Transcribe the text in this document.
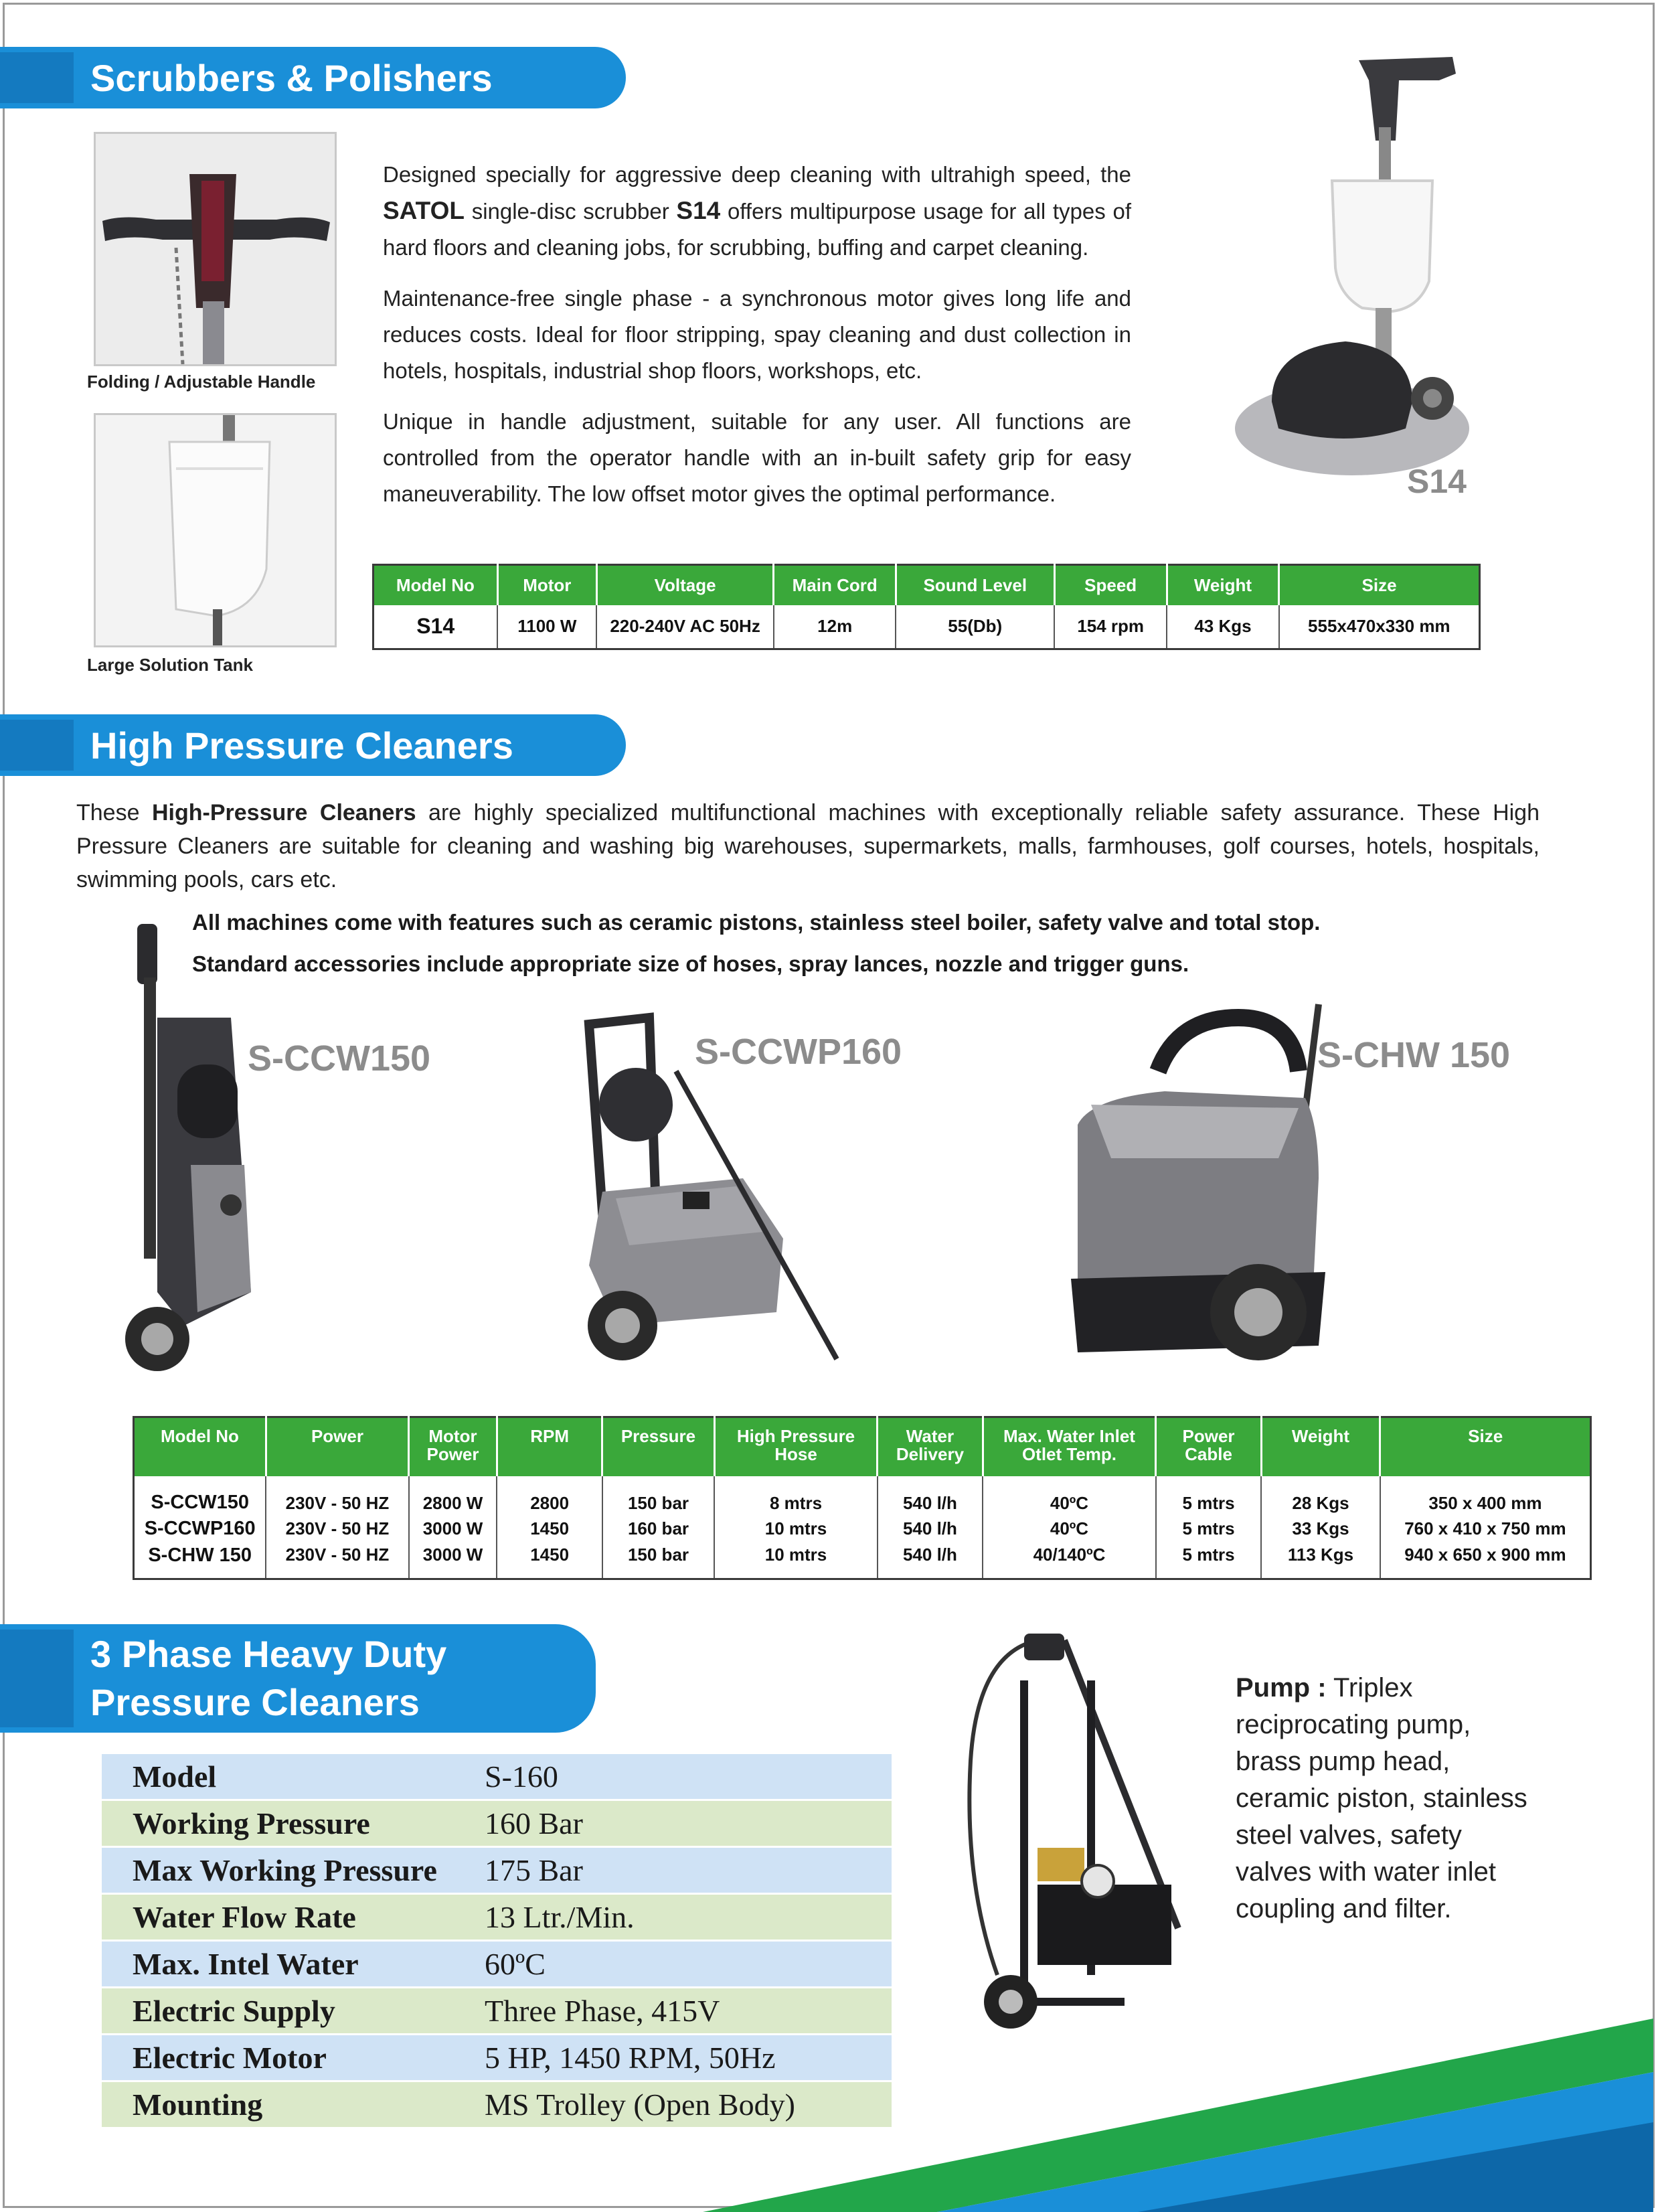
Scrubbers & Polishers
Folding / Adjustable Handle
Large Solution Tank

Designed specially for aggressive deep cleaning with ultrahigh speed, the SATOL single-disc scrubber S14 offers multipurpose usage for all types of hard floors and cleaning jobs, for scrubbing, buffing and carpet cleaning.

Maintenance-free single phase - a synchronous motor gives long life and reduces costs. Ideal for floor stripping, spay cleaning and dust collection in hotels, hospitals, industrial shop floors, workshops, etc.

Unique in handle adjustment, suitable for any user. All functions are controlled from the operator handle with an in-built safety grip for easy maneuverability. The low offset motor gives the optimal performance.	S14
Model No	Motor	Voltage	Main Cord	Sound Level	Speed	Weight	Size
S14	1100 W	220-240V AC 50Hz	12m	55(Db)	154 rpm	43 Kgs	555x470x330 mm
High Pressure Cleaners
These High-Pressure Cleaners are highly specialized multifunctional machines with exceptionally reliable safety assurance. These High Pressure Cleaners are suitable for cleaning and washing big warehouses, supermarkets, malls, farmhouses, golf courses, hotels, hospitals, swimming pools, cars etc.
All machines come with features such as ceramic pistons, stainless steel boiler, safety valve and total stop.
Standard accessories include appropriate size of hoses, spray lances, nozzle and trigger guns.
S-CCW150	S-CCWP160	S-CHW 150
Model No	Power	Motor Power	RPM	Pressure	High Pressure Hose	Water Delivery	Max. Water Inlet Otlet Temp.	Power Cable	Weight	Size
S-CCW150	230V - 50 HZ	2800 W	2800	150 bar	8 mtrs	540 l/h	40ºC	5 mtrs	28 Kgs	350 x 400 mm
S-CCWP160	230V - 50 HZ	3000 W	1450	160 bar	10 mtrs	540 l/h	40ºC	5 mtrs	33 Kgs	760 x 410 x 750 mm
S-CHW 150	230V - 50 HZ	3000 W	1450	150 bar	10 mtrs	540 l/h	40/140ºC	5 mtrs	113 Kgs	940 x 650 x 900 mm
3 Phase Heavy Duty
Pressure Cleaners
Model	S-160
Working Pressure	160 Bar
Max Working Pressure	175 Bar
Water Flow Rate	13 Ltr./Min.
Max. Intel Water	60ºC
Electric Supply	Three Phase, 415V
Electric Motor	5 HP, 1450 RPM, 50Hz
Mounting	MS Trolley (Open Body)
Pump : Triplex reciprocating pump, brass pump head, ceramic piston, stainless steel valves, safety valves with water inlet coupling and filter.
